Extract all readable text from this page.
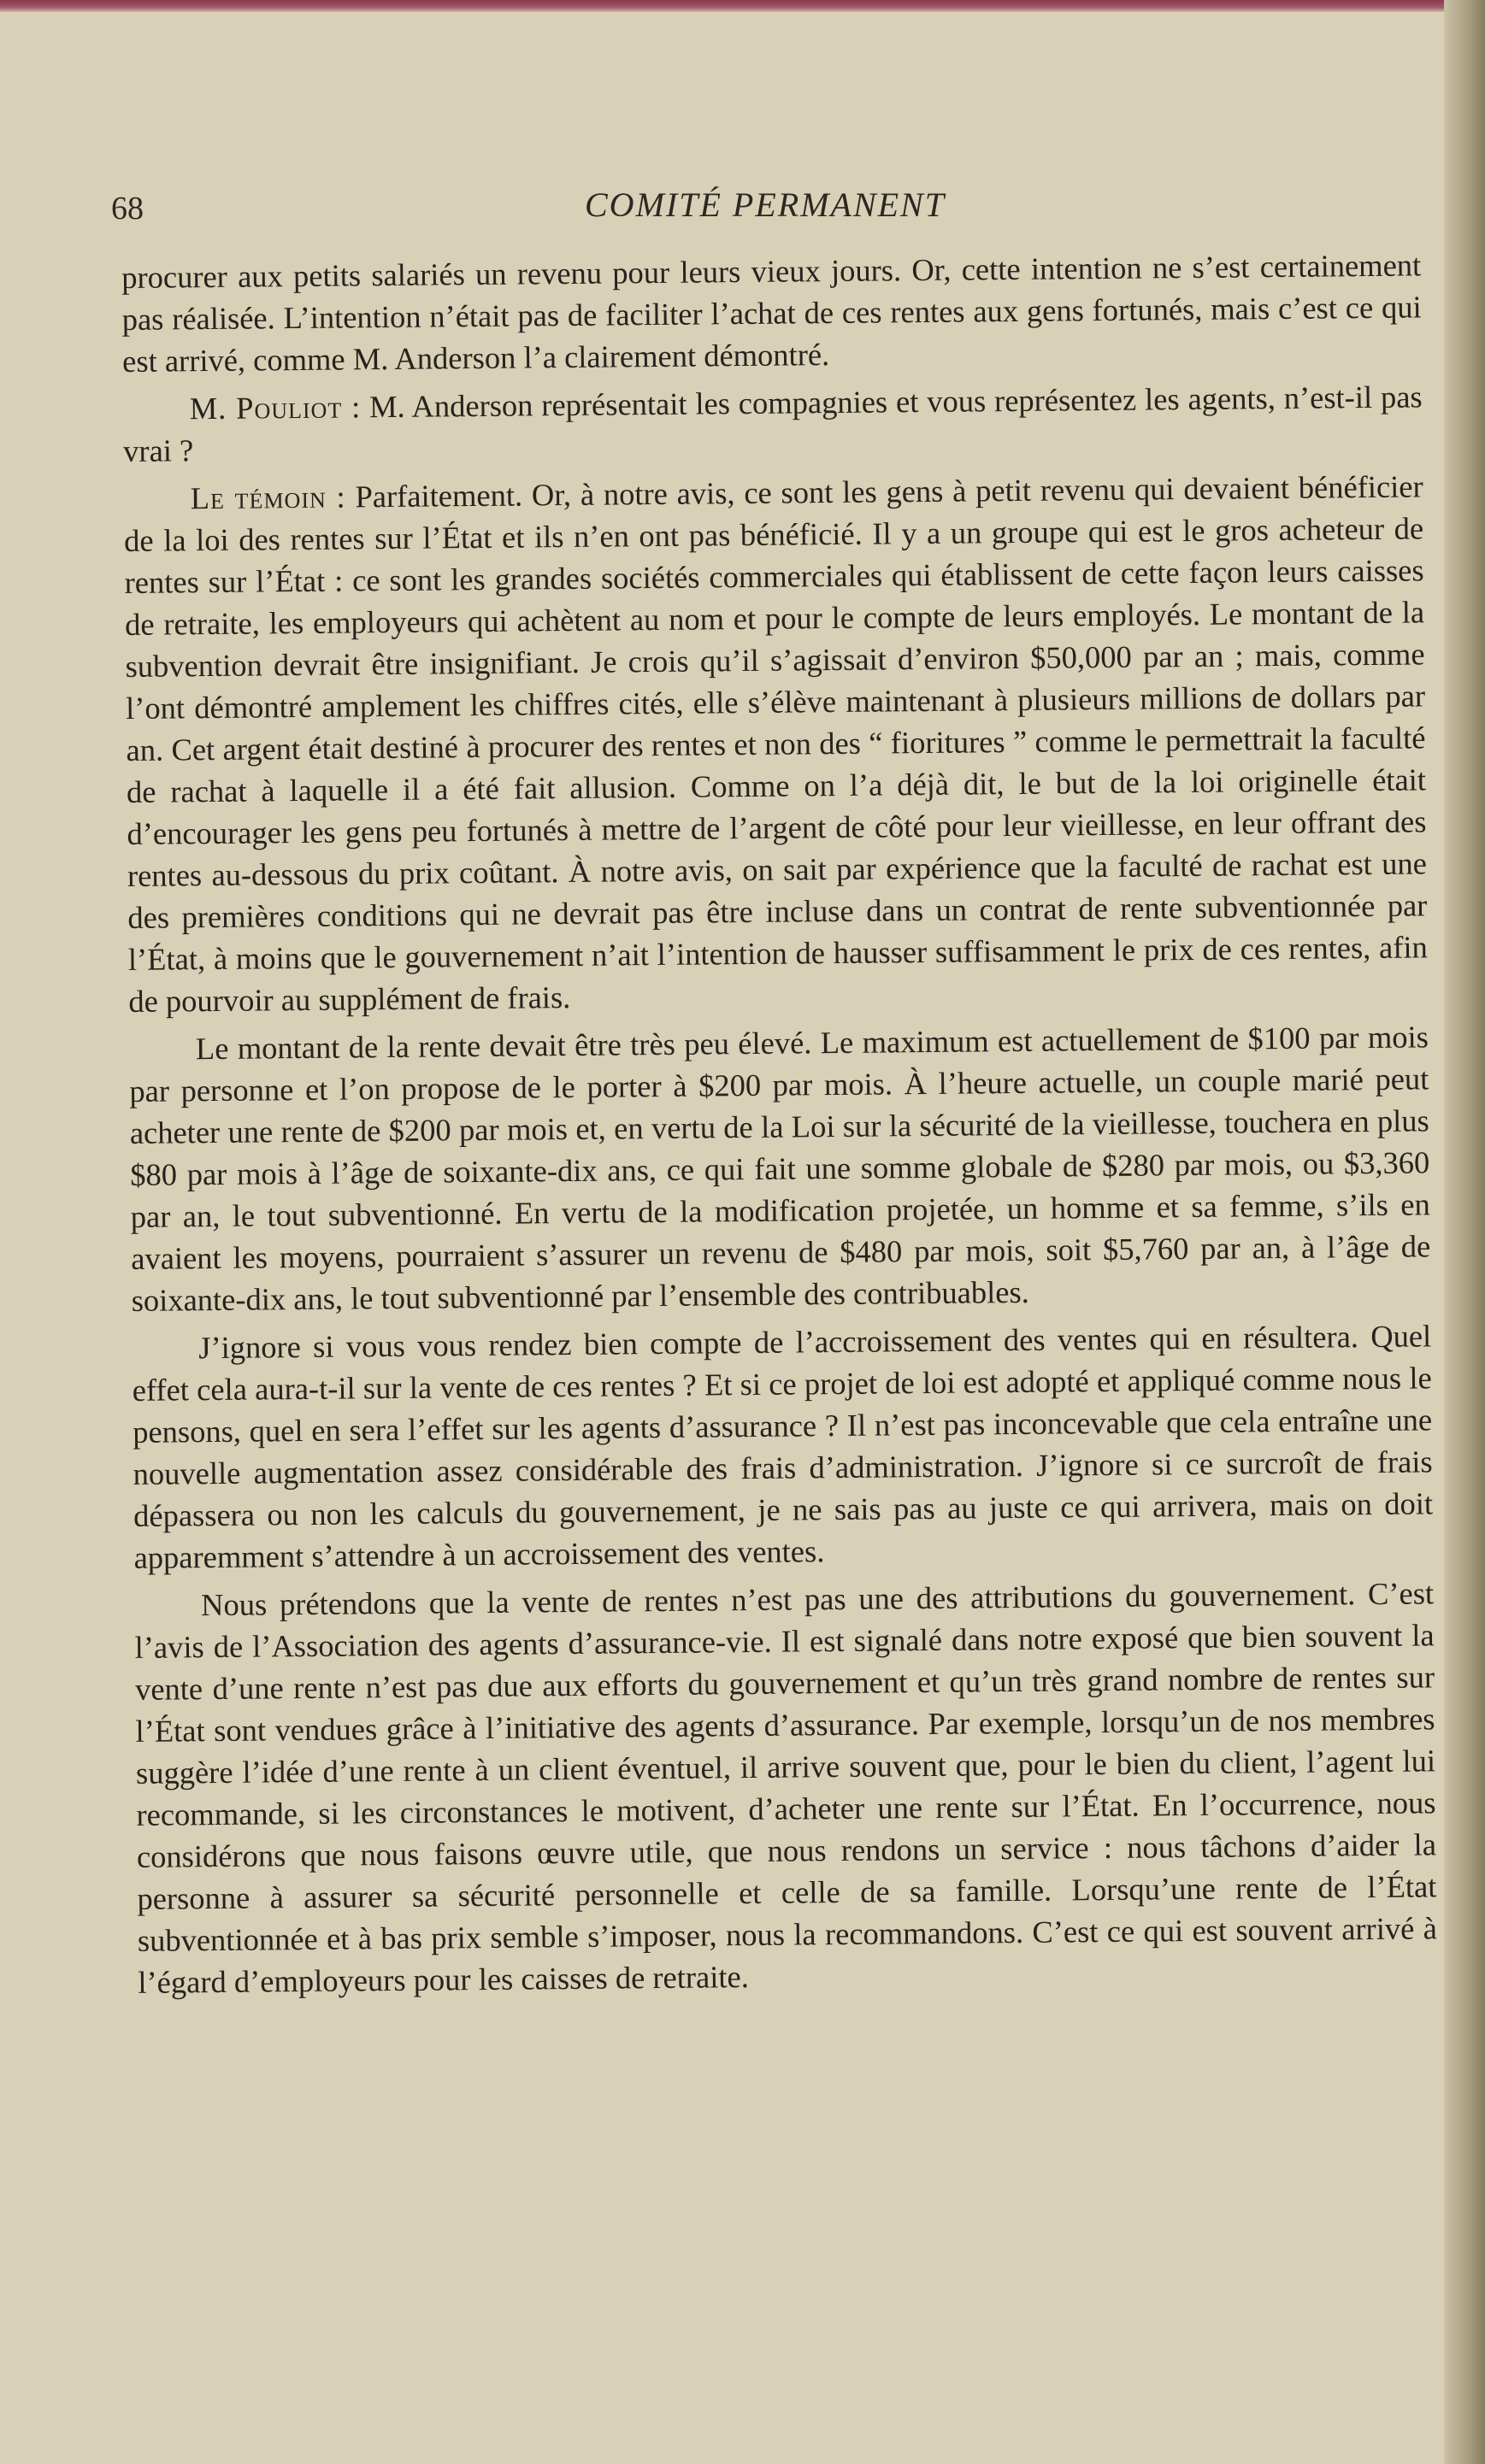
68	COMITÉ PERMANENT

procurer aux petits salariés un revenu pour leurs vieux jours. Or, cette intention ne s’est certainement pas réalisée. L’intention n’était pas de faciliter l’achat de ces rentes aux gens fortunés, mais c’est ce qui est arrivé, comme M. Anderson l’a clairement démontré.

M. Pouliot : M. Anderson représentait les compagnies et vous représentez les agents, n’est-il pas vrai ?

Le témoin : Parfaitement. Or, à notre avis, ce sont les gens à petit revenu qui devaient bénéficier de la loi des rentes sur l’État et ils n’en ont pas bénéficié. Il y a un groupe qui est le gros acheteur de rentes sur l’État : ce sont les grandes sociétés commerciales qui établissent de cette façon leurs caisses de retraite, les employeurs qui achètent au nom et pour le compte de leurs employés. Le montant de la subvention devrait être insignifiant. Je crois qu’il s’agissait d’environ $50,000 par an ; mais, comme l’ont démontré amplement les chiffres cités, elle s’élève maintenant à plusieurs millions de dollars par an. Cet argent était destiné à procurer des rentes et non des “ fioritures ” comme le permettrait la faculté de rachat à laquelle il a été fait allusion. Comme on l’a déjà dit, le but de la loi originelle était d’encourager les gens peu fortunés à mettre de l’argent de côté pour leur vieillesse, en leur offrant des rentes au-dessous du prix coûtant. À notre avis, on sait par expérience que la faculté de rachat est une des premières conditions qui ne devrait pas être incluse dans un contrat de rente subventionnée par l’État, à moins que le gouvernement n’ait l’intention de hausser suffisamment le prix de ces rentes, afin de pourvoir au supplément de frais.

Le montant de la rente devait être très peu élevé. Le maximum est actuellement de $100 par mois par personne et l’on propose de le porter à $200 par mois. À l’heure actuelle, un couple marié peut acheter une rente de $200 par mois et, en vertu de la Loi sur la sécurité de la vieillesse, touchera en plus $80 par mois à l’âge de soixante-dix ans, ce qui fait une somme globale de $280 par mois, ou $3,360 par an, le tout subventionné. En vertu de la modification projetée, un homme et sa femme, s’ils en avaient les moyens, pourraient s’assurer un revenu de $480 par mois, soit $5,760 par an, à l’âge de soixante-dix ans, le tout subventionné par l’ensemble des contribuables.

J’ignore si vous vous rendez bien compte de l’accroissement des ventes qui en résultera. Quel effet cela aura-t-il sur la vente de ces rentes ? Et si ce projet de loi est adopté et appliqué comme nous le pensons, quel en sera l’effet sur les agents d’assurance ? Il n’est pas inconcevable que cela entraîne une nouvelle augmentation assez considérable des frais d’administration. J’ignore si ce surcroît de frais dépassera ou non les calculs du gouvernement, je ne sais pas au juste ce qui arrivera, mais on doit apparemment s’attendre à un accroissement des ventes.

Nous prétendons que la vente de rentes n’est pas une des attributions du gouvernement. C’est l’avis de l’Association des agents d’assurance-vie. Il est signalé dans notre exposé que bien souvent la vente d’une rente n’est pas due aux efforts du gouvernement et qu’un très grand nombre de rentes sur l’État sont vendues grâce à l’initiative des agents d’assurance. Par exemple, lorsqu’un de nos membres suggère l’idée d’une rente à un client éventuel, il arrive souvent que, pour le bien du client, l’agent lui recommande, si les circonstances le motivent, d’acheter une rente sur l’État. En l’occurrence, nous considérons que nous faisons œuvre utile, que nous rendons un service : nous tâchons d’aider la personne à assurer sa sécurité personnelle et celle de sa famille. Lorsqu’une rente de l’État subventionnée et à bas prix semble s’imposer, nous la recommandons. C’est ce qui est souvent arrivé à l’égard d’employeurs pour les caisses de retraite.
